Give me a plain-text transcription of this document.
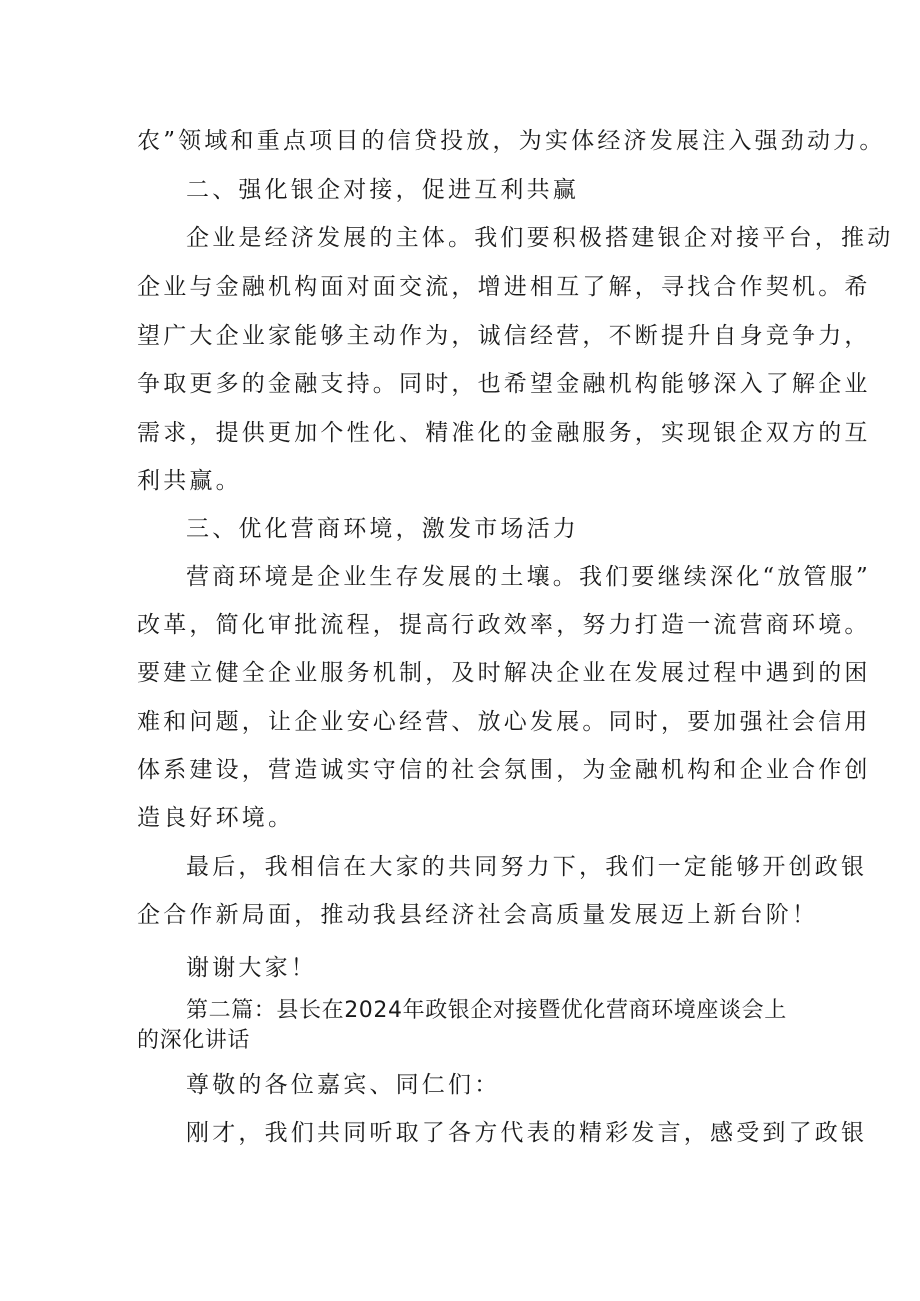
农”领域和重点项目的信贷投放，为实体经济发展注入强劲动力。
二、强化银企对接，促进互利共赢
企业是经济发展的主体。我们要积极搭建银企对接平台，推动
企业与金融机构面对面交流，增进相互了解，寻找合作契机。希
望广大企业家能够主动作为，诚信经营，不断提升自身竞争力，
争取更多的金融支持。同时，也希望金融机构能够深入了解企业
需求，提供更加个性化、精准化的金融服务，实现银企双方的互
利共赢。
三、优化营商环境，激发市场活力
营商环境是企业生存发展的土壤。我们要继续深化“放管服”
改革，简化审批流程，提高行政效率，努力打造一流营商环境。
要建立健全企业服务机制，及时解决企业在发展过程中遇到的困
难和问题，让企业安心经营、放心发展。同时，要加强社会信用
体系建设，营造诚实守信的社会氛围，为金融机构和企业合作创
造良好环境。
最后，我相信在大家的共同努力下，我们一定能够开创政银
企合作新局面，推动我县经济社会高质量发展迈上新台阶！
谢谢大家！
第二篇：县长在2024年政银企对接暨优化营商环境座谈会上
的深化讲话
尊敬的各位嘉宾、同仁们：
刚才，我们共同听取了各方代表的精彩发言，感受到了政银
